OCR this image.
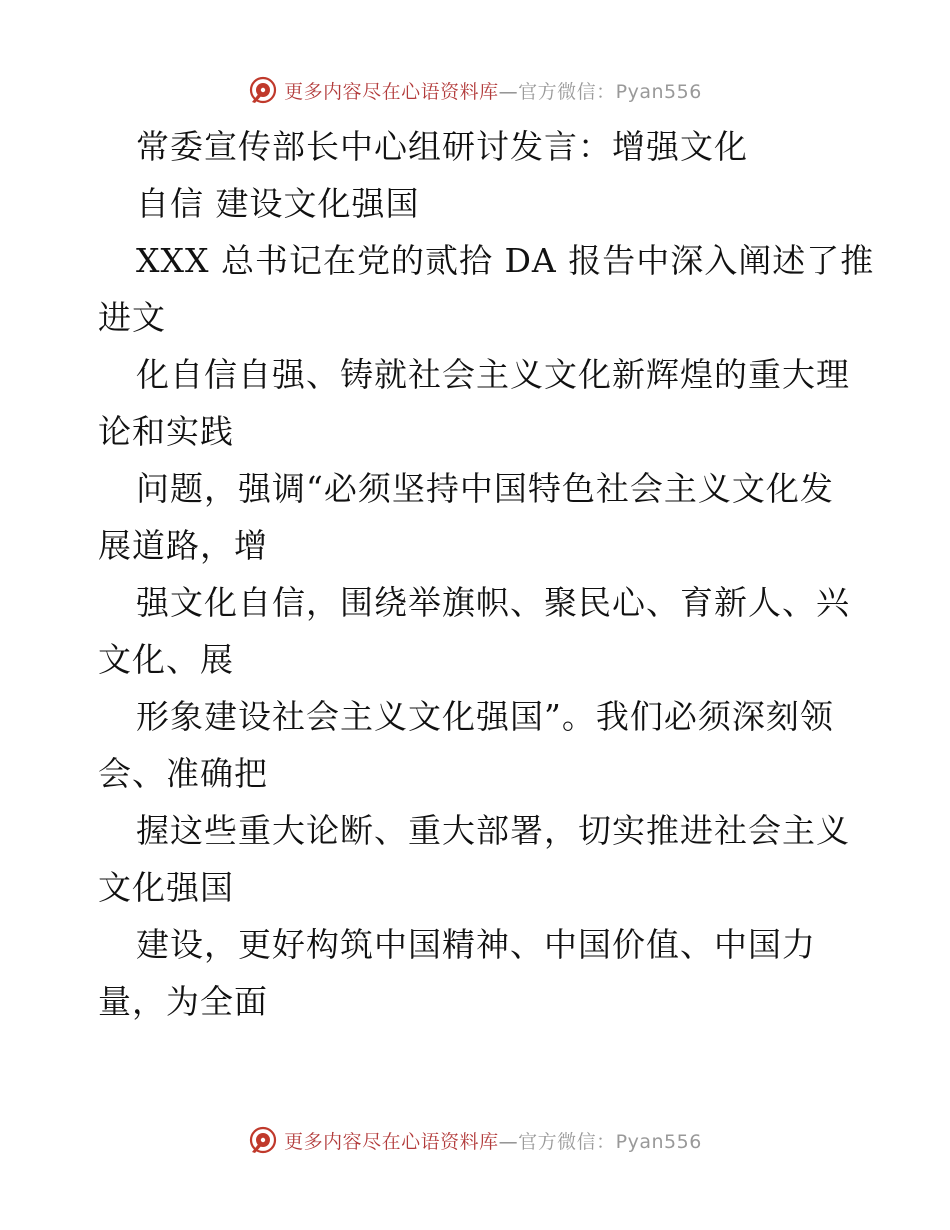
更多内容尽在心语资料库—官方微信：Pyan556
常委宣传部长中心组研讨发言：增强文化
自信 建设文化强国
XXX 总书记在党的贰拾 DA 报告中深入阐述了推
进文
化自信自强、铸就社会主义文化新辉煌的重大理
论和实践
问题，强调“必须坚持中国特色社会主义文化发
展道路，增
强文化自信，围绕举旗帜、聚民心、育新人、兴
文化、展
形象建设社会主义文化强国”。我们必须深刻领
会、准确把
握这些重大论断、重大部署，切实推进社会主义
文化强国
建设，更好构筑中国精神、中国价值、中国力
量，为全面
更多内容尽在心语资料库—官方微信：Pyan556
